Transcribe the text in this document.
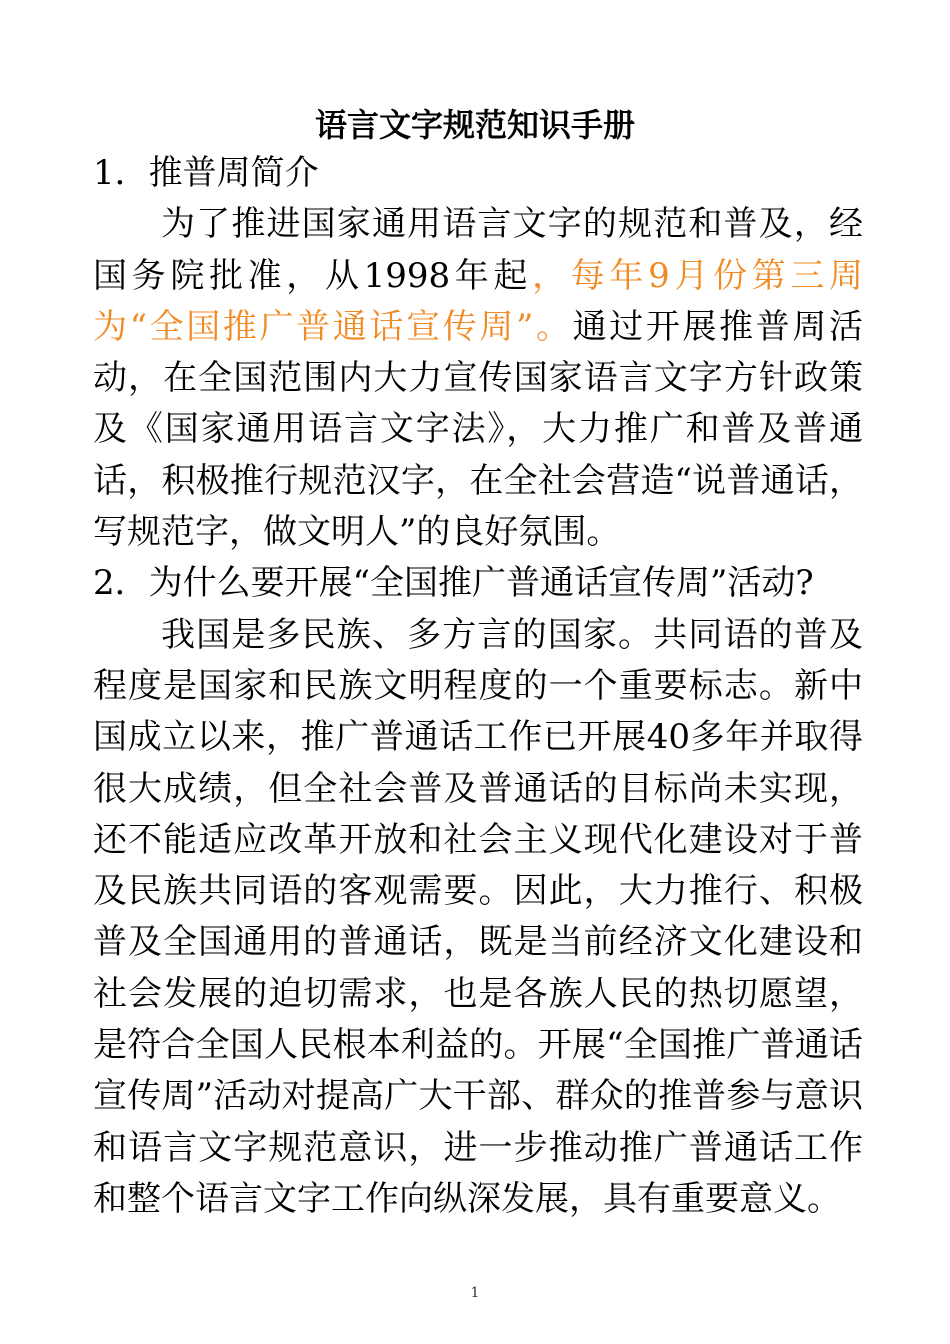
语言文字规范知识手册

1．推普周简介

为了推进国家通用语言文字的规范和普及，经国务院批准，从1998年起，每年9月份第三周为“全国推广普通话宣传周”。通过开展推普周活动，在全国范围内大力宣传国家语言文字方针政策及《国家通用语言文字法》，大力推广和普及普通话，积极推行规范汉字，在全社会营造“说普通话，写规范字，做文明人”的良好氛围。

2．为什么要开展“全国推广普通话宣传周”活动?

我国是多民族、多方言的国家。共同语的普及程度是国家和民族文明程度的一个重要标志。新中国成立以来，推广普通话工作已开展40多年并取得很大成绩，但全社会普及普通话的目标尚未实现，还不能适应改革开放和社会主义现代化建设对于普及民族共同语的客观需要。因此，大力推行、积极普及全国通用的普通话，既是当前经济文化建设和社会发展的迫切需求，也是各族人民的热切愿望，是符合全国人民根本利益的。开展“全国推广普通话宣传周”活动对提高广大干部、群众的推普参与意识和语言文字规范意识，进一步推动推广普通话工作和整个语言文字工作向纵深发展，具有重要意义。

1
